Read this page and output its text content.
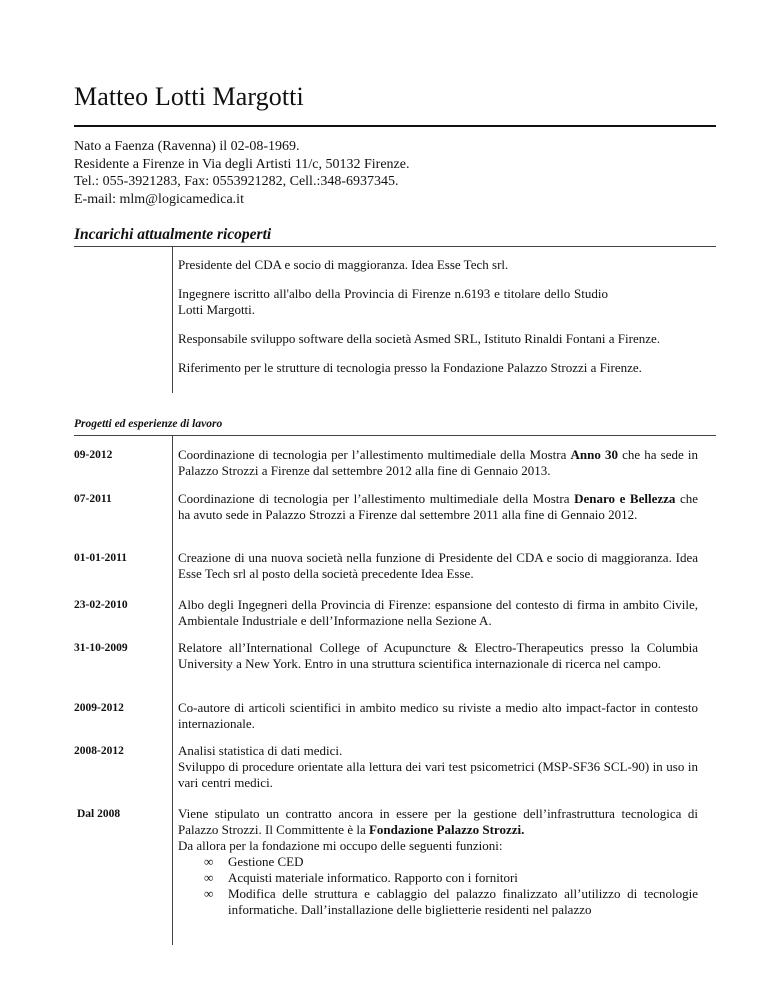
Matteo Lotti Margotti
Nato a Faenza (Ravenna) il 02-08-1969.
Residente a Firenze in Via degli Artisti 11/c, 50132 Firenze.
Tel.: 055-3921283, Fax: 0553921282, Cell.:348-6937345.
E-mail: mlm@logicamedica.it
Incarichi attualmente ricoperti

Presidente del CDA e socio di maggioranza. Idea Esse Tech srl.

Ingegnere iscritto all'albo della Provincia di Firenze n.6193 e titolare dello Studio Lotti Margotti.

Responsabile sviluppo software della società Asmed SRL, Istituto Rinaldi Fontani a Firenze.

Riferimento per le strutture di tecnologia presso la Fondazione Palazzo Strozzi a Firenze.

Progetti ed esperienze di lavoro
09-2012	Coordinazione di tecnologia per l’allestimento multimediale della Mostra Anno 30 che ha sede in Palazzo Strozzi a Firenze dal settembre 2012 alla fine di Gennaio 2013.
07-2011	Coordinazione di tecnologia per l’allestimento multimediale della Mostra Denaro e Bellezza che ha avuto sede in Palazzo Strozzi a Firenze dal settembre 2011 alla fine di Gennaio 2012.
01-01-2011	Creazione di una nuova società nella funzione di Presidente del CDA e socio di maggioranza. Idea Esse Tech srl al posto della società precedente Idea Esse.
23-02-2010	Albo degli Ingegneri della Provincia di Firenze: espansione del contesto di firma in ambito Civile, Ambientale Industriale e dell’Informazione nella Sezione A.
31-10-2009	Relatore all’International College of Acupuncture & Electro-Therapeutics presso la Columbia University a New York. Entro in una struttura scientifica internazionale di ricerca nel campo.
2009-2012	Co-autore di articoli scientifici in ambito medico su riviste a medio alto impact-factor in contesto internazionale.
2008-2012	Analisi statistica di dati medici.
Sviluppo di procedure orientate alla lettura dei vari test psicometrici (MSP-SF36 SCL-90) in uso in vari centri medici.
Dal 2008	Viene stipulato un contratto ancora in essere per la gestione dell’infrastruttura tecnologica di Palazzo Strozzi. Il Committente è la Fondazione Palazzo Strozzi.
Da allora per la fondazione mi occupo delle seguenti funzioni:
∞ Gestione CED
∞ Acquisti materiale informatico. Rapporto con i fornitori
∞ Modifica delle struttura e cablaggio del palazzo finalizzato all’utilizzo di tecnologie informatiche. Dall’installazione delle biglietterie residenti nel palazzo
